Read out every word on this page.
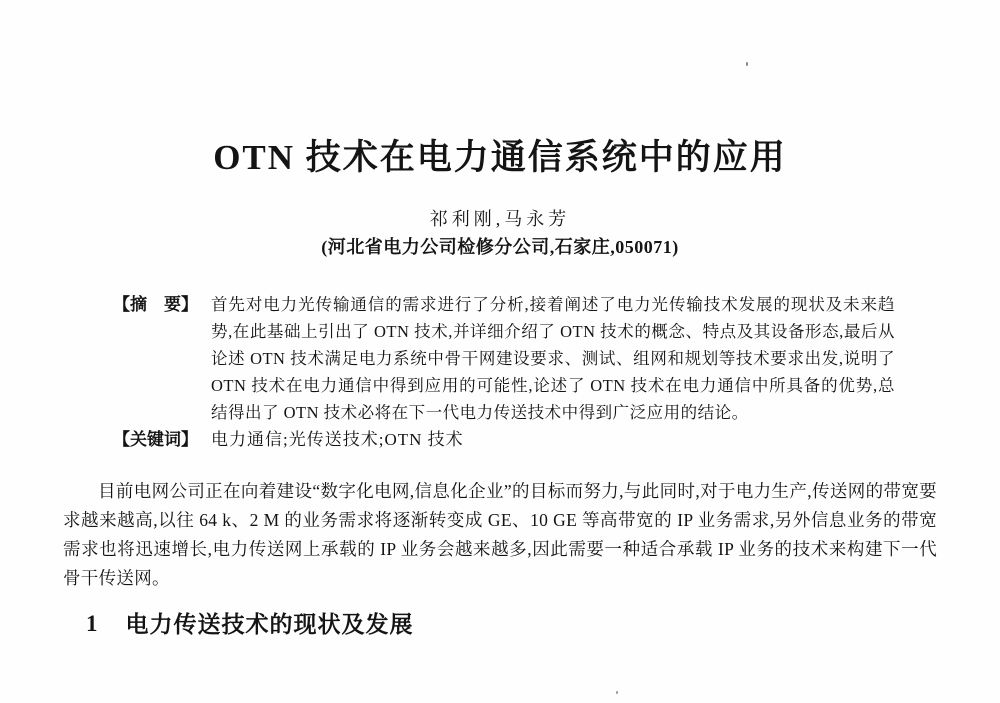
OTN 技术在电力通信系统中的应用
祁利刚,马永芳
(河北省电力公司检修分公司,石家庄,050071)
【摘　要】 首先对电力光传输通信的需求进行了分析,接着阐述了电力光传输技术发展的现状及未来趋势,在此基础上引出了 OTN 技术,并详细介绍了 OTN 技术的概念、特点及其设备形态,最后从论述 OTN 技术满足电力系统中骨干网建设要求、测试、组网和规划等技术要求出发,说明了 OTN 技术在电力通信中得到应用的可能性,论述了 OTN 技术在电力通信中所具备的优势,总结得出了 OTN 技术必将在下一代电力传送技术中得到广泛应用的结论。
【关键词】 电力通信;光传送技术;OTN 技术

目前电网公司正在向着建设“数字化电网,信息化企业”的目标而努力,与此同时,对于电力生产,传送网的带宽要求越来越高,以往 64 k、2 M 的业务需求将逐渐转变成 GE、10 GE 等高带宽的 IP 业务需求,另外信息业务的带宽需求也将迅速增长,电力传送网上承载的 IP 业务会越来越多,因此需要一种适合承载 IP 业务的技术来构建下一代骨干传送网。

1 电力传送技术的现状及发展
